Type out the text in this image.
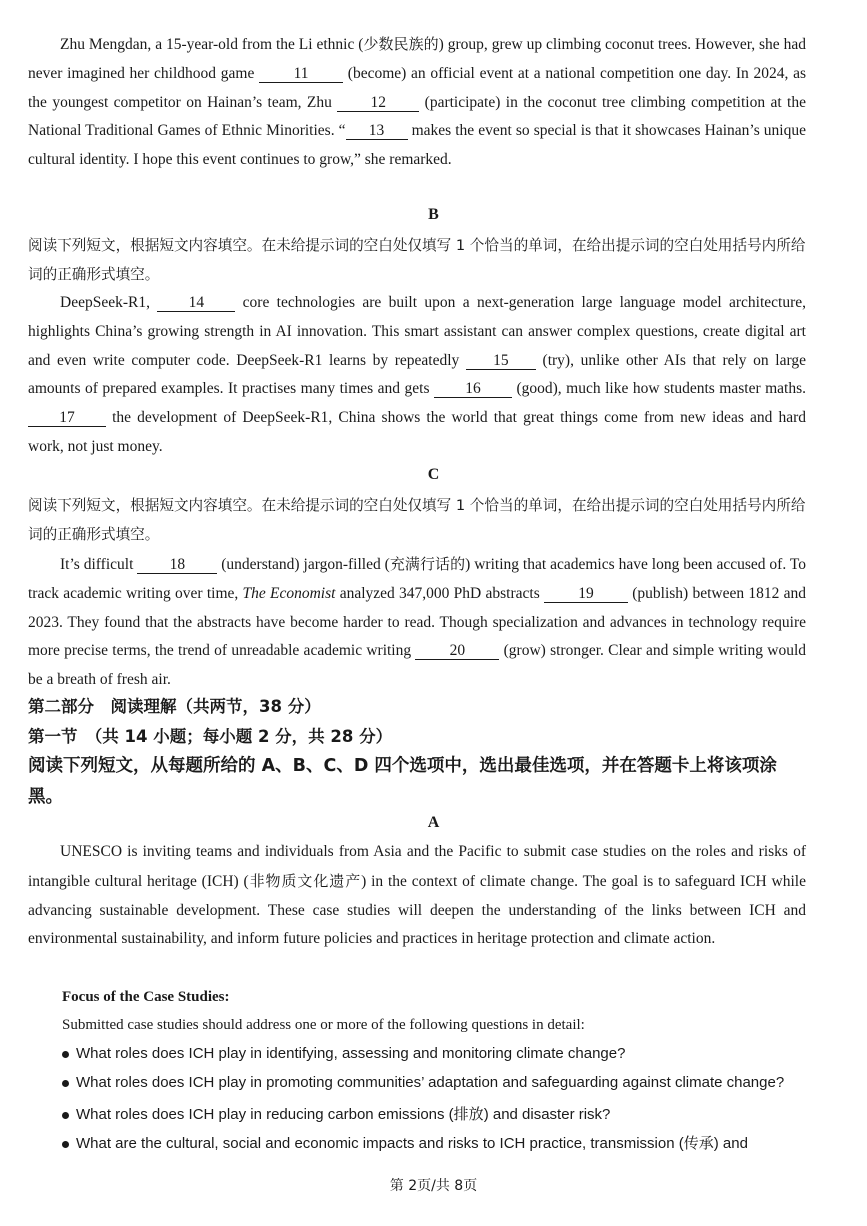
Zhu Mengdan, a 15-year-old from the Li ethnic (少数民族的) group, grew up climbing coconut trees. However, she had never imagined her childhood game 11 (become) an official event at a national competition one day. In 2024, as the youngest competitor on Hainan’s team, Zhu 12 (participate) in the coconut tree climbing competition at the National Traditional Games of Ethnic Minorities. “ 13 makes the event so special is that it showcases Hainan’s unique cultural identity. I hope this event continues to grow,” she remarked.

B

阅读下列短文，根据短文内容填空。在未给提示词的空白处仅填写 1 个恰当的单词，在给出提示词的空白处用括号内所给词的正确形式填空。

DeepSeek-R1, 14 core technologies are built upon a next-generation large language model architecture, highlights China’s growing strength in AI innovation. This smart assistant can answer complex questions, create digital art and even write computer code. DeepSeek-R1 learns by repeatedly 15 (try), unlike other AIs that rely on large amounts of prepared examples. It practises many times and gets 16 (good), much like how students master maths. 17 the development of DeepSeek-R1, China shows the world that great things come from new ideas and hard work, not just money.

C

阅读下列短文，根据短文内容填空。在未给提示词的空白处仅填写 1 个恰当的单词，在给出提示词的空白处用括号内所给词的正确形式填空。

It’s difficult 18 (understand) jargon-filled (充满行话的) writing that academics have long been accused of. To track academic writing over time, The Economist analyzed 347,000 PhD abstracts 19 (publish) between 1812 and 2023. They found that the abstracts have become harder to read. Though specialization and advances in technology require more precise terms, the trend of unreadable academic writing 20 (grow) stronger. Clear and simple writing would be a breath of fresh air.

第二部分　阅读理解（共两节，38 分）
第一节　（共 14 小题；每小题 2 分，共 28 分）

阅读下列短文，从每题所给的 A、B、C、D 四个选项中，选出最佳选项，并在答题卡上将该项涂黑。

A

UNESCO is inviting teams and individuals from Asia and the Pacific to submit case studies on the roles and risks of intangible cultural heritage (ICH) (非物质文化遗产) in the context of climate change. The goal is to safeguard ICH while advancing sustainable development. These case studies will deepen the understanding of the links between ICH and environmental sustainability, and inform future policies and practices in heritage protection and climate action.

Focus of the Case Studies:
Submitted case studies should address one or more of the following questions in detail:
What roles does ICH play in identifying, assessing and monitoring climate change?
What roles does ICH play in promoting communities’ adaptation and safeguarding against climate change?
What roles does ICH play in reducing carbon emissions (排放) and disaster risk?
What are the cultural, social and economic impacts and risks to ICH practice, transmission (传承) and
第 2页/共 8页
